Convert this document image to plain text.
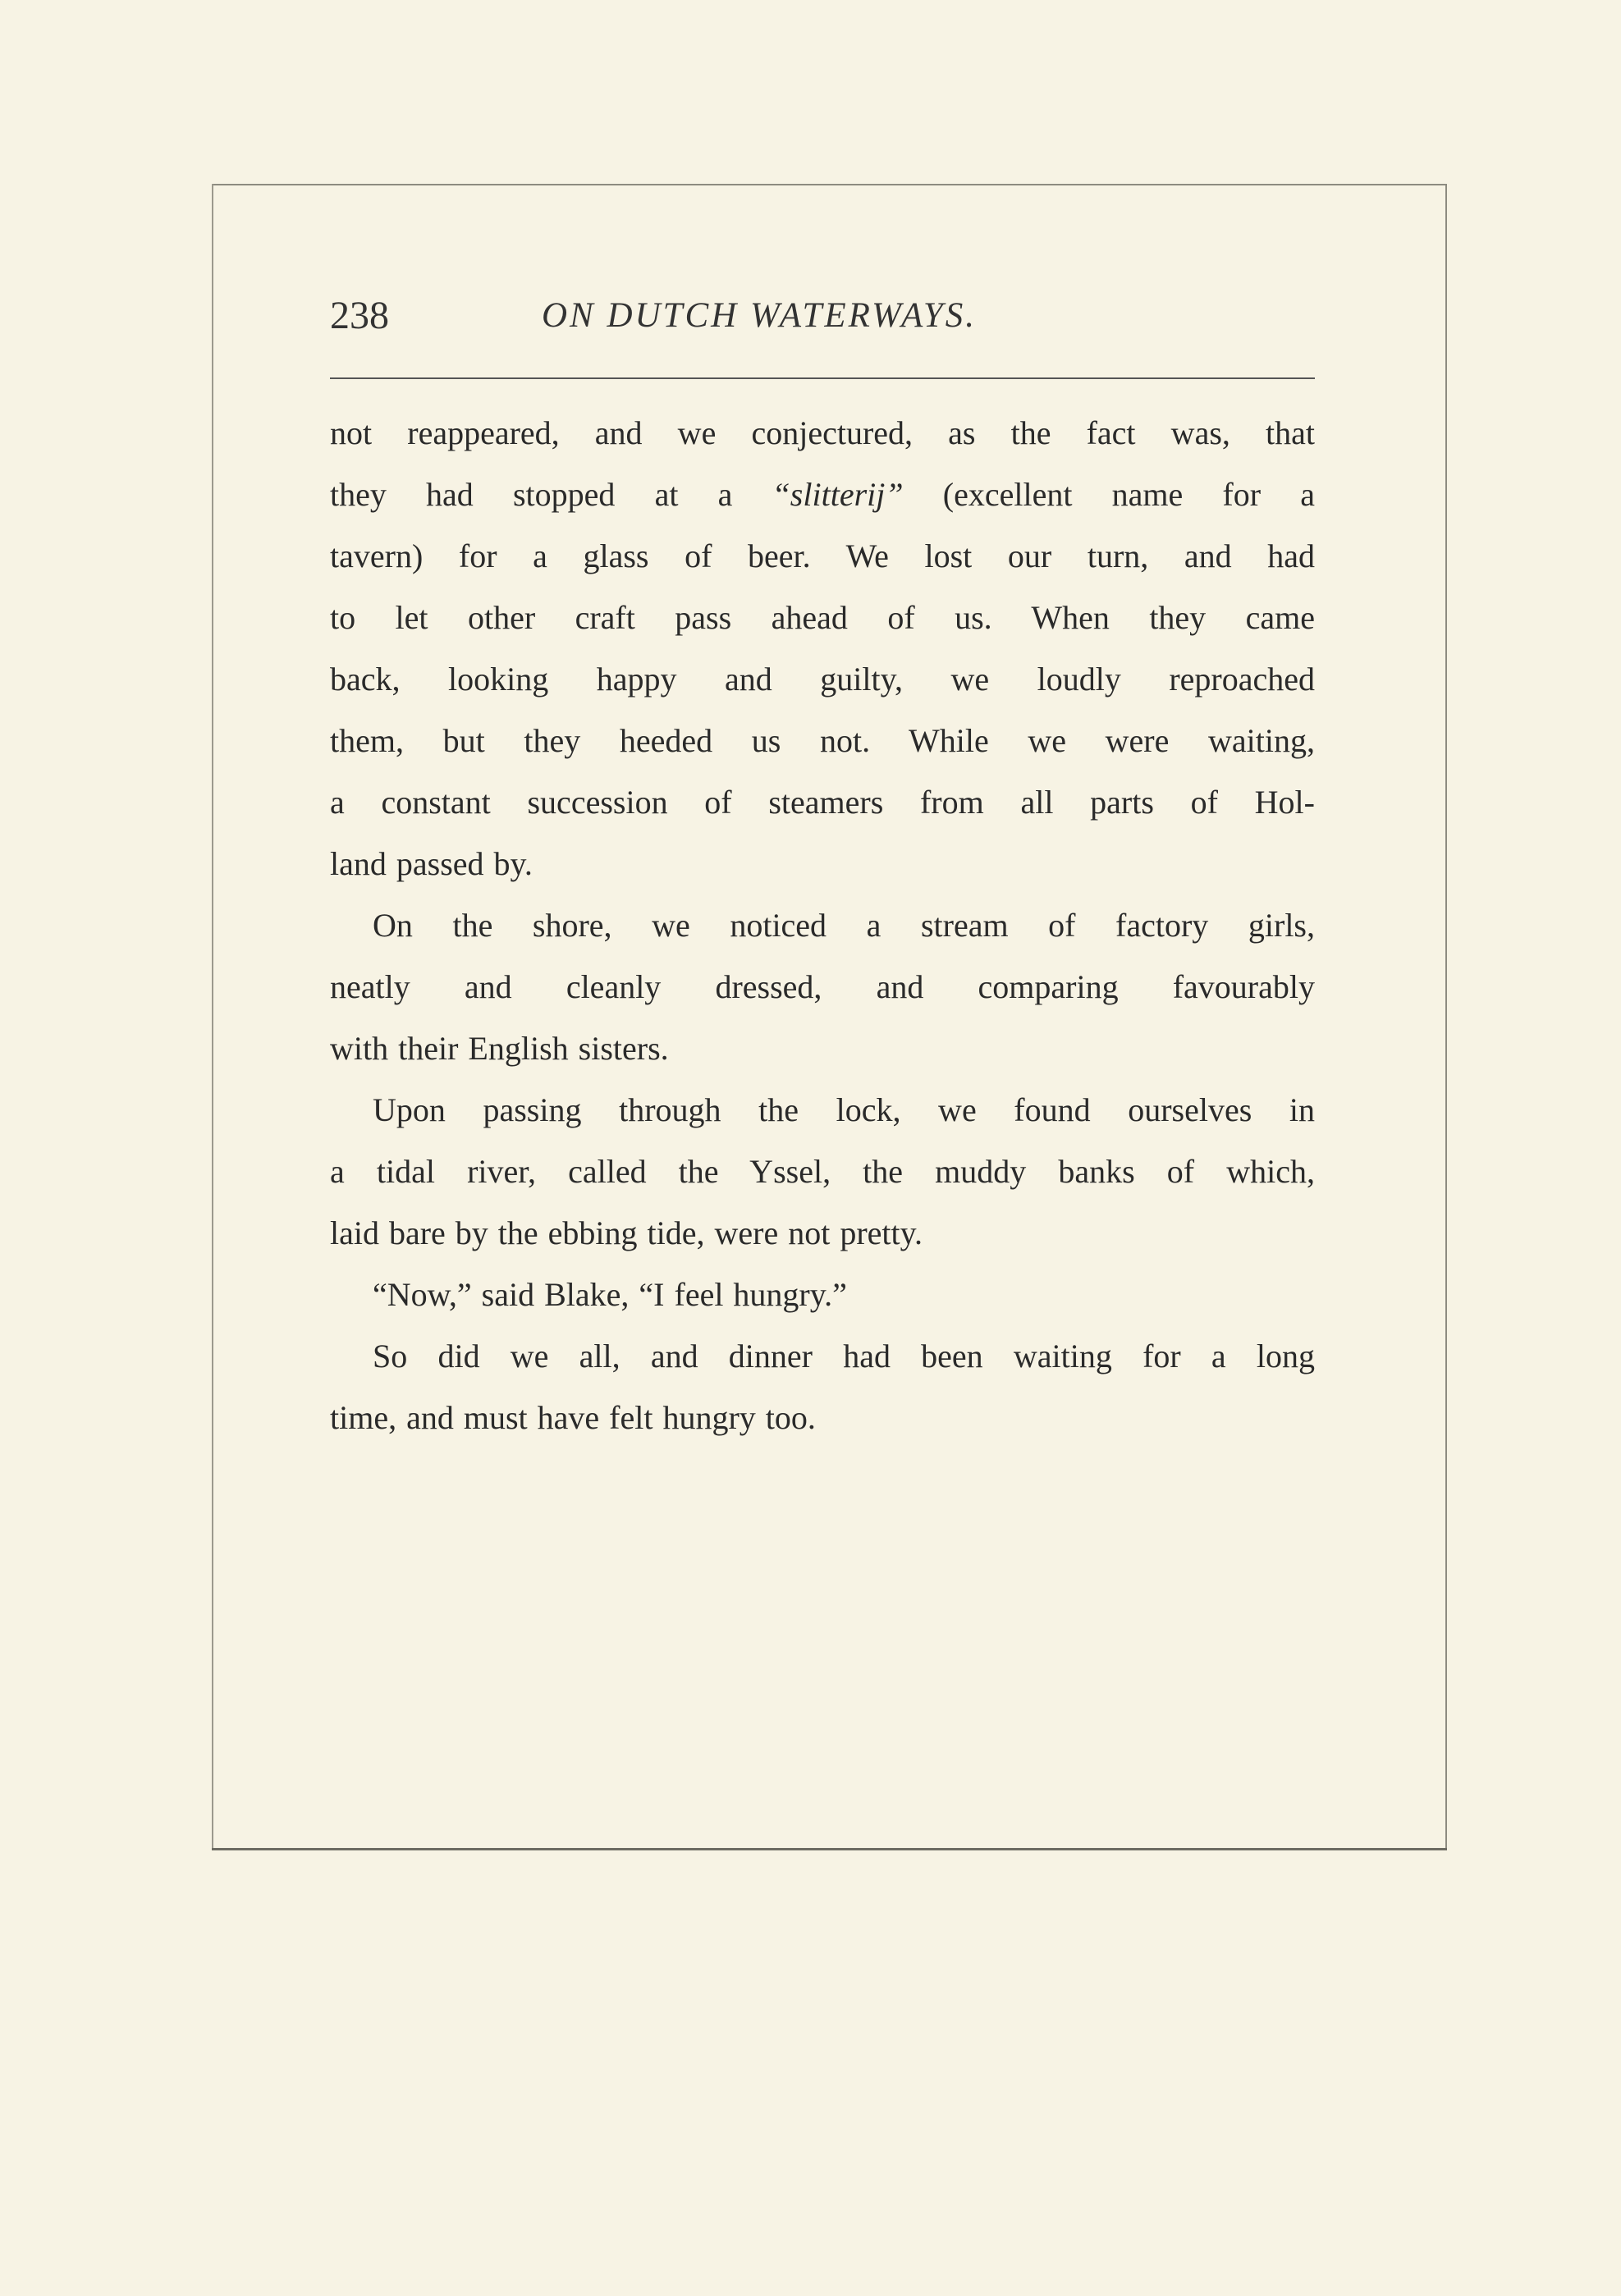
238	ON DUTCH WATERWAYS.
not reappeared, and we conjectured, as the fact was, that
they had stopped at a “slitterij” (excellent name for a
tavern) for a glass of beer. We lost our turn, and had
to let other craft pass ahead of us. When they came
back, looking happy and guilty, we loudly reproached
them, but they heeded us not. While we were waiting,
a constant succession of steamers from all parts of Hol-
land passed by.
On the shore, we noticed a stream of factory girls,
neatly and cleanly dressed, and comparing favourably
with their English sisters.
Upon passing through the lock, we found ourselves in
a tidal river, called the Yssel, the muddy banks of which,
laid bare by the ebbing tide, were not pretty.
“Now,” said Blake, “I feel hungry.”
So did we all, and dinner had been waiting for a long
time, and must have felt hungry too.
